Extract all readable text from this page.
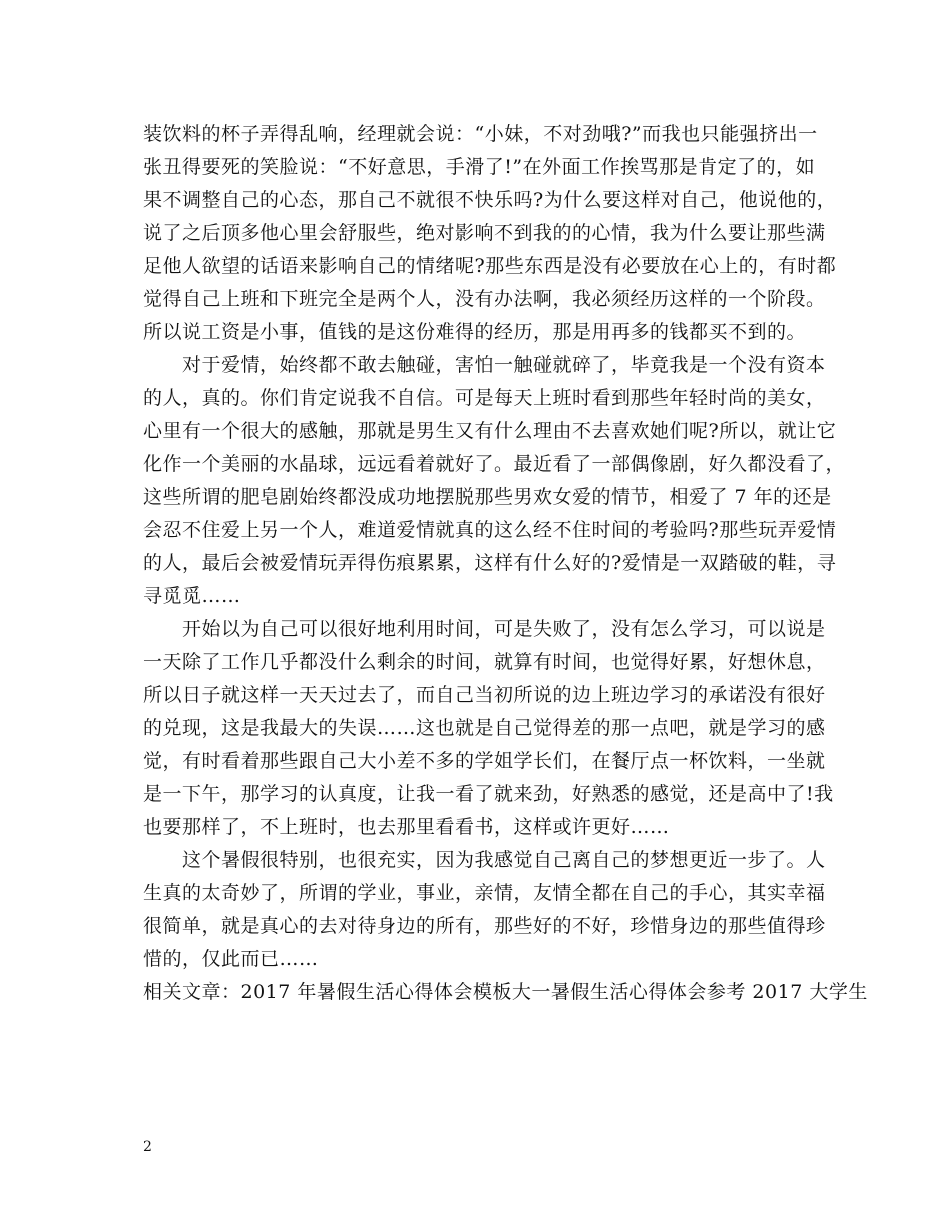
装饮料的杯子弄得乱响，经理就会说：“小妹，不对劲哦?”而我也只能强挤出一
张丑得要死的笑脸说：“不好意思，手滑了!”在外面工作挨骂那是肯定了的，如
果不调整自己的心态，那自己不就很不快乐吗?为什么要这样对自己，他说他的，
说了之后顶多他心里会舒服些，绝对影响不到我的的心情，我为什么要让那些满
足他人欲望的话语来影响自己的情绪呢?那些东西是没有必要放在心上的，有时都
觉得自己上班和下班完全是两个人，没有办法啊，我必须经历这样的一个阶段。
所以说工资是小事，值钱的是这份难得的经历，那是用再多的钱都买不到的。
　　对于爱情，始终都不敢去触碰，害怕一触碰就碎了，毕竟我是一个没有资本
的人，真的。你们肯定说我不自信。可是每天上班时看到那些年轻时尚的美女，
心里有一个很大的感触，那就是男生又有什么理由不去喜欢她们呢?所以，就让它
化作一个美丽的水晶球，远远看着就好了。最近看了一部偶像剧，好久都没看了，
这些所谓的肥皂剧始终都没成功地摆脱那些男欢女爱的情节，相爱了 7 年的还是
会忍不住爱上另一个人，难道爱情就真的这么经不住时间的考验吗?那些玩弄爱情
的人，最后会被爱情玩弄得伤痕累累，这样有什么好的?爱情是一双踏破的鞋，寻
寻觅觅……
　　开始以为自己可以很好地利用时间，可是失败了，没有怎么学习，可以说是
一天除了工作几乎都没什么剩余的时间，就算有时间，也觉得好累，好想休息，
所以日子就这样一天天过去了，而自己当初所说的边上班边学习的承诺没有很好
的兑现，这是我最大的失误……这也就是自己觉得差的那一点吧，就是学习的感
觉，有时看着那些跟自己大小差不多的学姐学长们，在餐厅点一杯饮料，一坐就
是一下午，那学习的认真度，让我一看了就来劲，好熟悉的感觉，还是高中了!我
也要那样了，不上班时，也去那里看看书，这样或许更好……
　　这个暑假很特别，也很充实，因为我感觉自己离自己的梦想更近一步了。人
生真的太奇妙了，所谓的学业，事业，亲情，友情全都在自己的手心，其实幸福
很简单，就是真心的去对待身边的所有，那些好的不好，珍惜身边的那些值得珍
惜的，仅此而已……
相关文章：2017 年暑假生活心得体会模板大一暑假生活心得体会参考 2017 大学生
2
